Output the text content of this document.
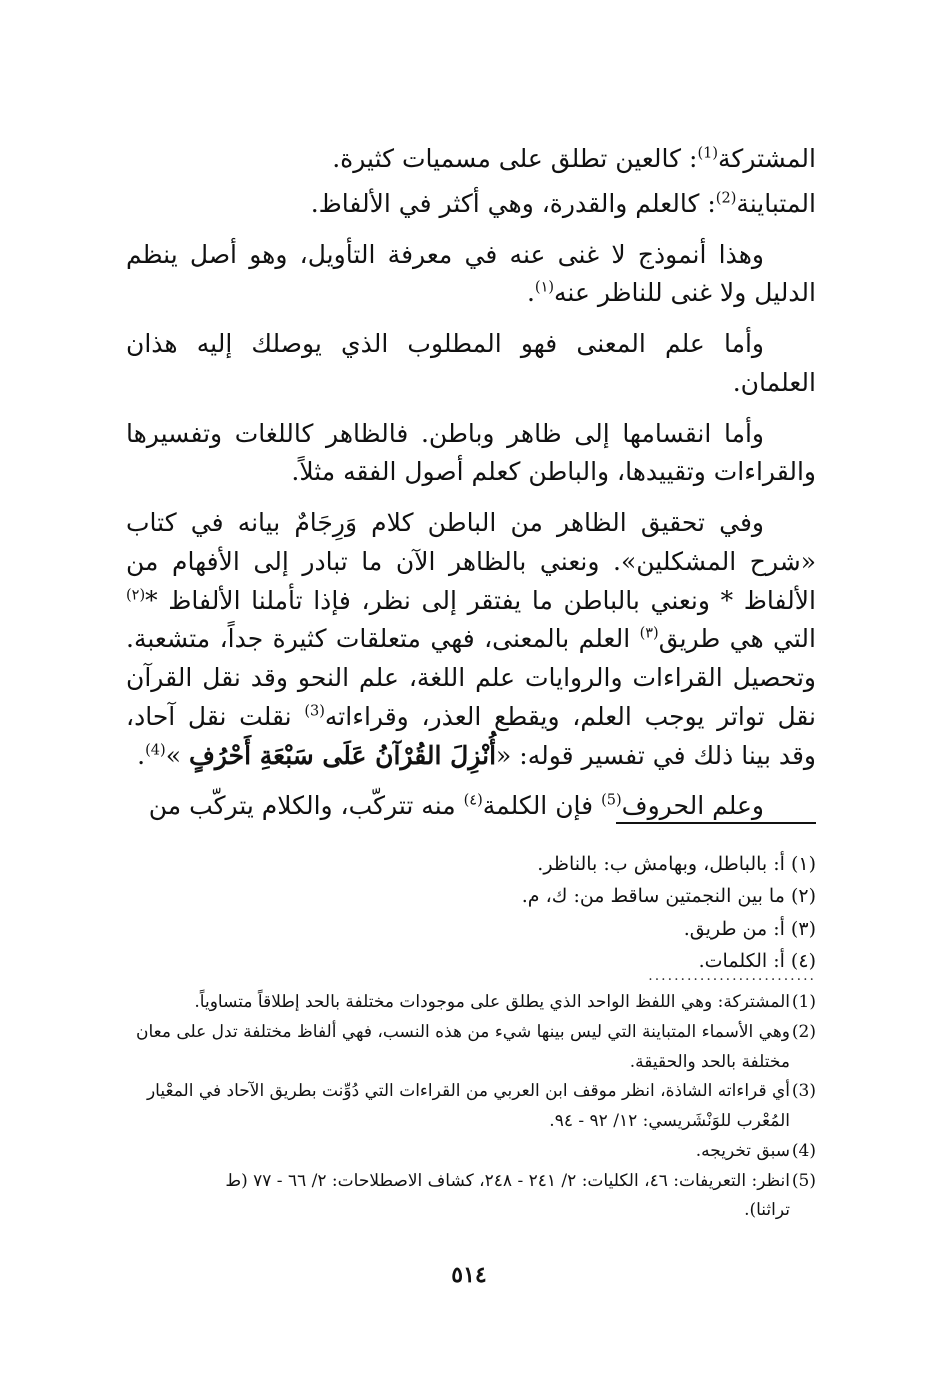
المشتركة$^{(1)}$: كالعين تطلق على مسميات كثيرة.

المتباينة$^{(2)}$: كالعلم والقدرة، وهي أكثر في الألفاظ.

وهذا أنموذج لا غنى عنه في معرفة التأويل، وهو أصل ينظم الدليل ولا غنى للناظر عنه$^{(١)}$.

وأما علم المعنى فهو المطلوب الذي يوصلك إليه هذان العلمان.

وأما انقسامها إلى ظاهر وباطن. فالظاهر كاللغات وتفسيرها والقراءات وتقييدها، والباطن كعلم أصول الفقه مثلاً.

وفي تحقيق الظاهر من الباطن كلام وَرِجَامٌ بيانه في كتاب «شرح المشكلين». ونعني بالظاهر الآن ما تبادر إلى الأفهام من الألفاظ * ونعني بالباطن ما يفتقر إلى نظر، فإذا تأملنا الألفاظ *$^{(٢)}$ التي هي طريق$^{(٣)}$ العلم بالمعنى، فهي متعلقات كثيرة جداً، متشعبة. وتحصيل القراءات والروايات علم اللغة، علم النحو وقد نقل القرآن نقل تواتر يوجب العلم، ويقطع العذر، وقراءاته$^{(3)}$ نقلت نقل آحاد، وقد بينا ذلك في تفسير قوله: «أُنْزِلَ القُرْآنُ عَلَى سَبْعَةِ أَحْرُفٍ »$^{(4)}$.

وعلم الحروف$^{(5)}$ فإن الكلمة$^{(٤)}$ منه تتركّب، والكلام يتركّب من

(١) أ: بالباطل، وبهامش ب: بالناظر.
(٢) ما بين النجمتين ساقط من: ك، م.
(٣) أ: من طريق.
(٤) أ: الكلمات.
..........................
(1)المشتركة: وهي اللفظ الواحد الذي يطلق على موجودات مختلفة بالحد إطلاقاً متساوياً.
(2)وهي الأسماء المتباينة التي ليس بينها شيء من هذه النسب، فهي ألفاظ مختلفة تدل على معان
مختلفة بالحد والحقيقة.
(3)أي قراءاته الشاذة، انظر موقف ابن العربي من القراءات التي دُوِّنت بطريق الآحاد في المعْيار
المُعْرب للوَنْشَريسي: ١٢/ ٩٢ - ٩٤.
(4)سبق تخريجه.
(5)انظر: التعريفات: ٤٦، الكليات: ٢/ ٢٤١ - ٢٤٨، كشاف الاصطلاحات: ٢/ ٦٦ - ٧٧ (ط
تراثنا).
٥١٤
